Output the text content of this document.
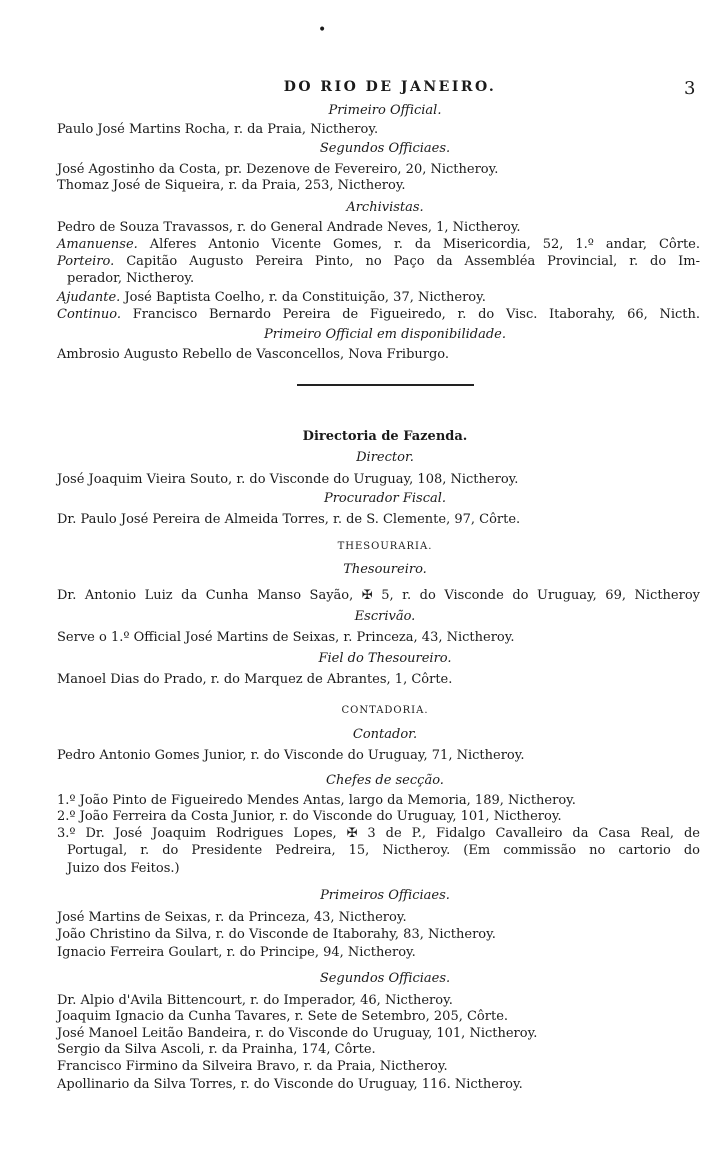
•
DO RIO DE JANEIRO.	3
Primeiro Official.
Paulo José Martins Rocha, r. da Praia, Nictheroy.
Segundos Officiaes.
José Agostinho da Costa, pr. Dezenove de Fevereiro, 20, Nictheroy.
Thomaz José de Siqueira, r. da Praia, 253, Nictheroy.
Archivistas.
Pedro de Souza Travassos, r. do General Andrade Neves, 1, Nictheroy.
Amanuense. Alferes Antonio Vicente Gomes, r. da Misericordia, 52, 1.º andar, Côrte.
Porteiro. Capitão Augusto Pereira Pinto, no Paço da Assembléa Provincial, r. do Im-
perador, Nictheroy.
Ajudante. José Baptista Coelho, r. da Constituição, 37, Nictheroy.
Continuo. Francisco Bernardo Pereira de Figueiredo, r. do Visc. Itaborahy, 66, Nicth.
Primeiro Official em disponibilidade.
Ambrosio Augusto Rebello de Vasconcellos, Nova Friburgo.
Directoria de Fazenda.
Director.
José Joaquim Vieira Souto, r. do Visconde do Uruguay, 108, Nictheroy.
Procurador Fiscal.
Dr. Paulo José Pereira de Almeida Torres, r. de S. Clemente, 97, Côrte.
THESOURARIA.
Thesoureiro.
Dr. Antonio Luiz da Cunha Manso Sayão, ✠ 5, r. do Visconde do Uruguay, 69, Nictheroy
Escrivão.
Serve o 1.º Official José Martins de Seixas, r. Princeza, 43, Nictheroy.
Fiel do Thesoureiro.
Manoel Dias do Prado, r. do Marquez de Abrantes, 1, Côrte.
CONTADORIA.
Contador.
Pedro Antonio Gomes Junior, r. do Visconde do Uruguay, 71, Nictheroy.
Chefes de secção.
1.º João Pinto de Figueiredo Mendes Antas, largo da Memoria, 189, Nictheroy.
2.º João Ferreira da Costa Junior, r. do Visconde do Uruguay, 101, Nictheroy.
3.º Dr. José Joaquim Rodrigues Lopes, ✠ 3 de P., Fidalgo Cavalleiro da Casa Real, de
Portugal, r. do Presidente Pedreira, 15, Nictheroy. (Em commissão no cartorio do
Juizo dos Feitos.)
Primeiros Officiaes.
José Martins de Seixas, r. da Princeza, 43, Nictheroy.
João Christino da Silva, r. do Visconde de Itaborahy, 83, Nictheroy.
Ignacio Ferreira Goulart, r. do Principe, 94, Nictheroy.
Segundos Officiaes.
Dr. Alpio d'Avila Bittencourt, r. do Imperador, 46, Nictheroy.
Joaquim Ignacio da Cunha Tavares, r. Sete de Setembro, 205, Côrte.
José Manoel Leitão Bandeira, r. do Visconde do Uruguay, 101, Nictheroy.
Sergio da Silva Ascoli, r. da Prainha, 174, Côrte.
Francisco Firmino da Silveira Bravo, r. da Praia, Nictheroy.
Apollinario da Silva Torres, r. do Visconde do Uruguay, 116. Nictheroy.
